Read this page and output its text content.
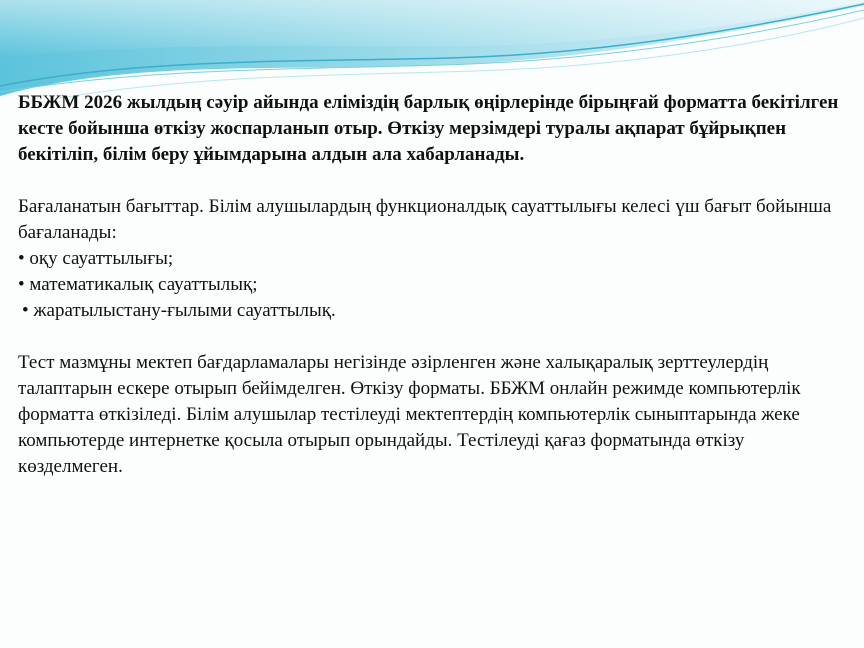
ББЖМ 2026 жылдың сәуір айында еліміздің барлық өңірлерінде бірыңғай форматта бекітілген кесте бойынша өткізу жоспарланып отыр. Өткізу мерзімдері туралы ақпарат бұйрықпен бекітіліп, білім беру ұйымдарына алдын ала хабарланады.

Бағаланатын бағыттар. Білім алушылардың функционалдық сауаттылығы келесі үш бағыт бойынша бағаланады:
• оқу сауаттылығы;
• математикалық сауаттылық;
• жаратылыстану-ғылыми сауаттылық.

Тест мазмұны мектеп бағдарламалары негізінде әзірленген және халықаралық зерттеулердің талаптарын ескере отырып бейімделген. Өткізу форматы. ББЖМ онлайн режимде компьютерлік форматта өткізіледі. Білім алушылар тестілеуді мектептердің компьютерлік сыныптарында жеке компьютерде интернетке қосыла отырып орындайды. Тестілеуді қағаз форматында өткізу көзделмеген.
